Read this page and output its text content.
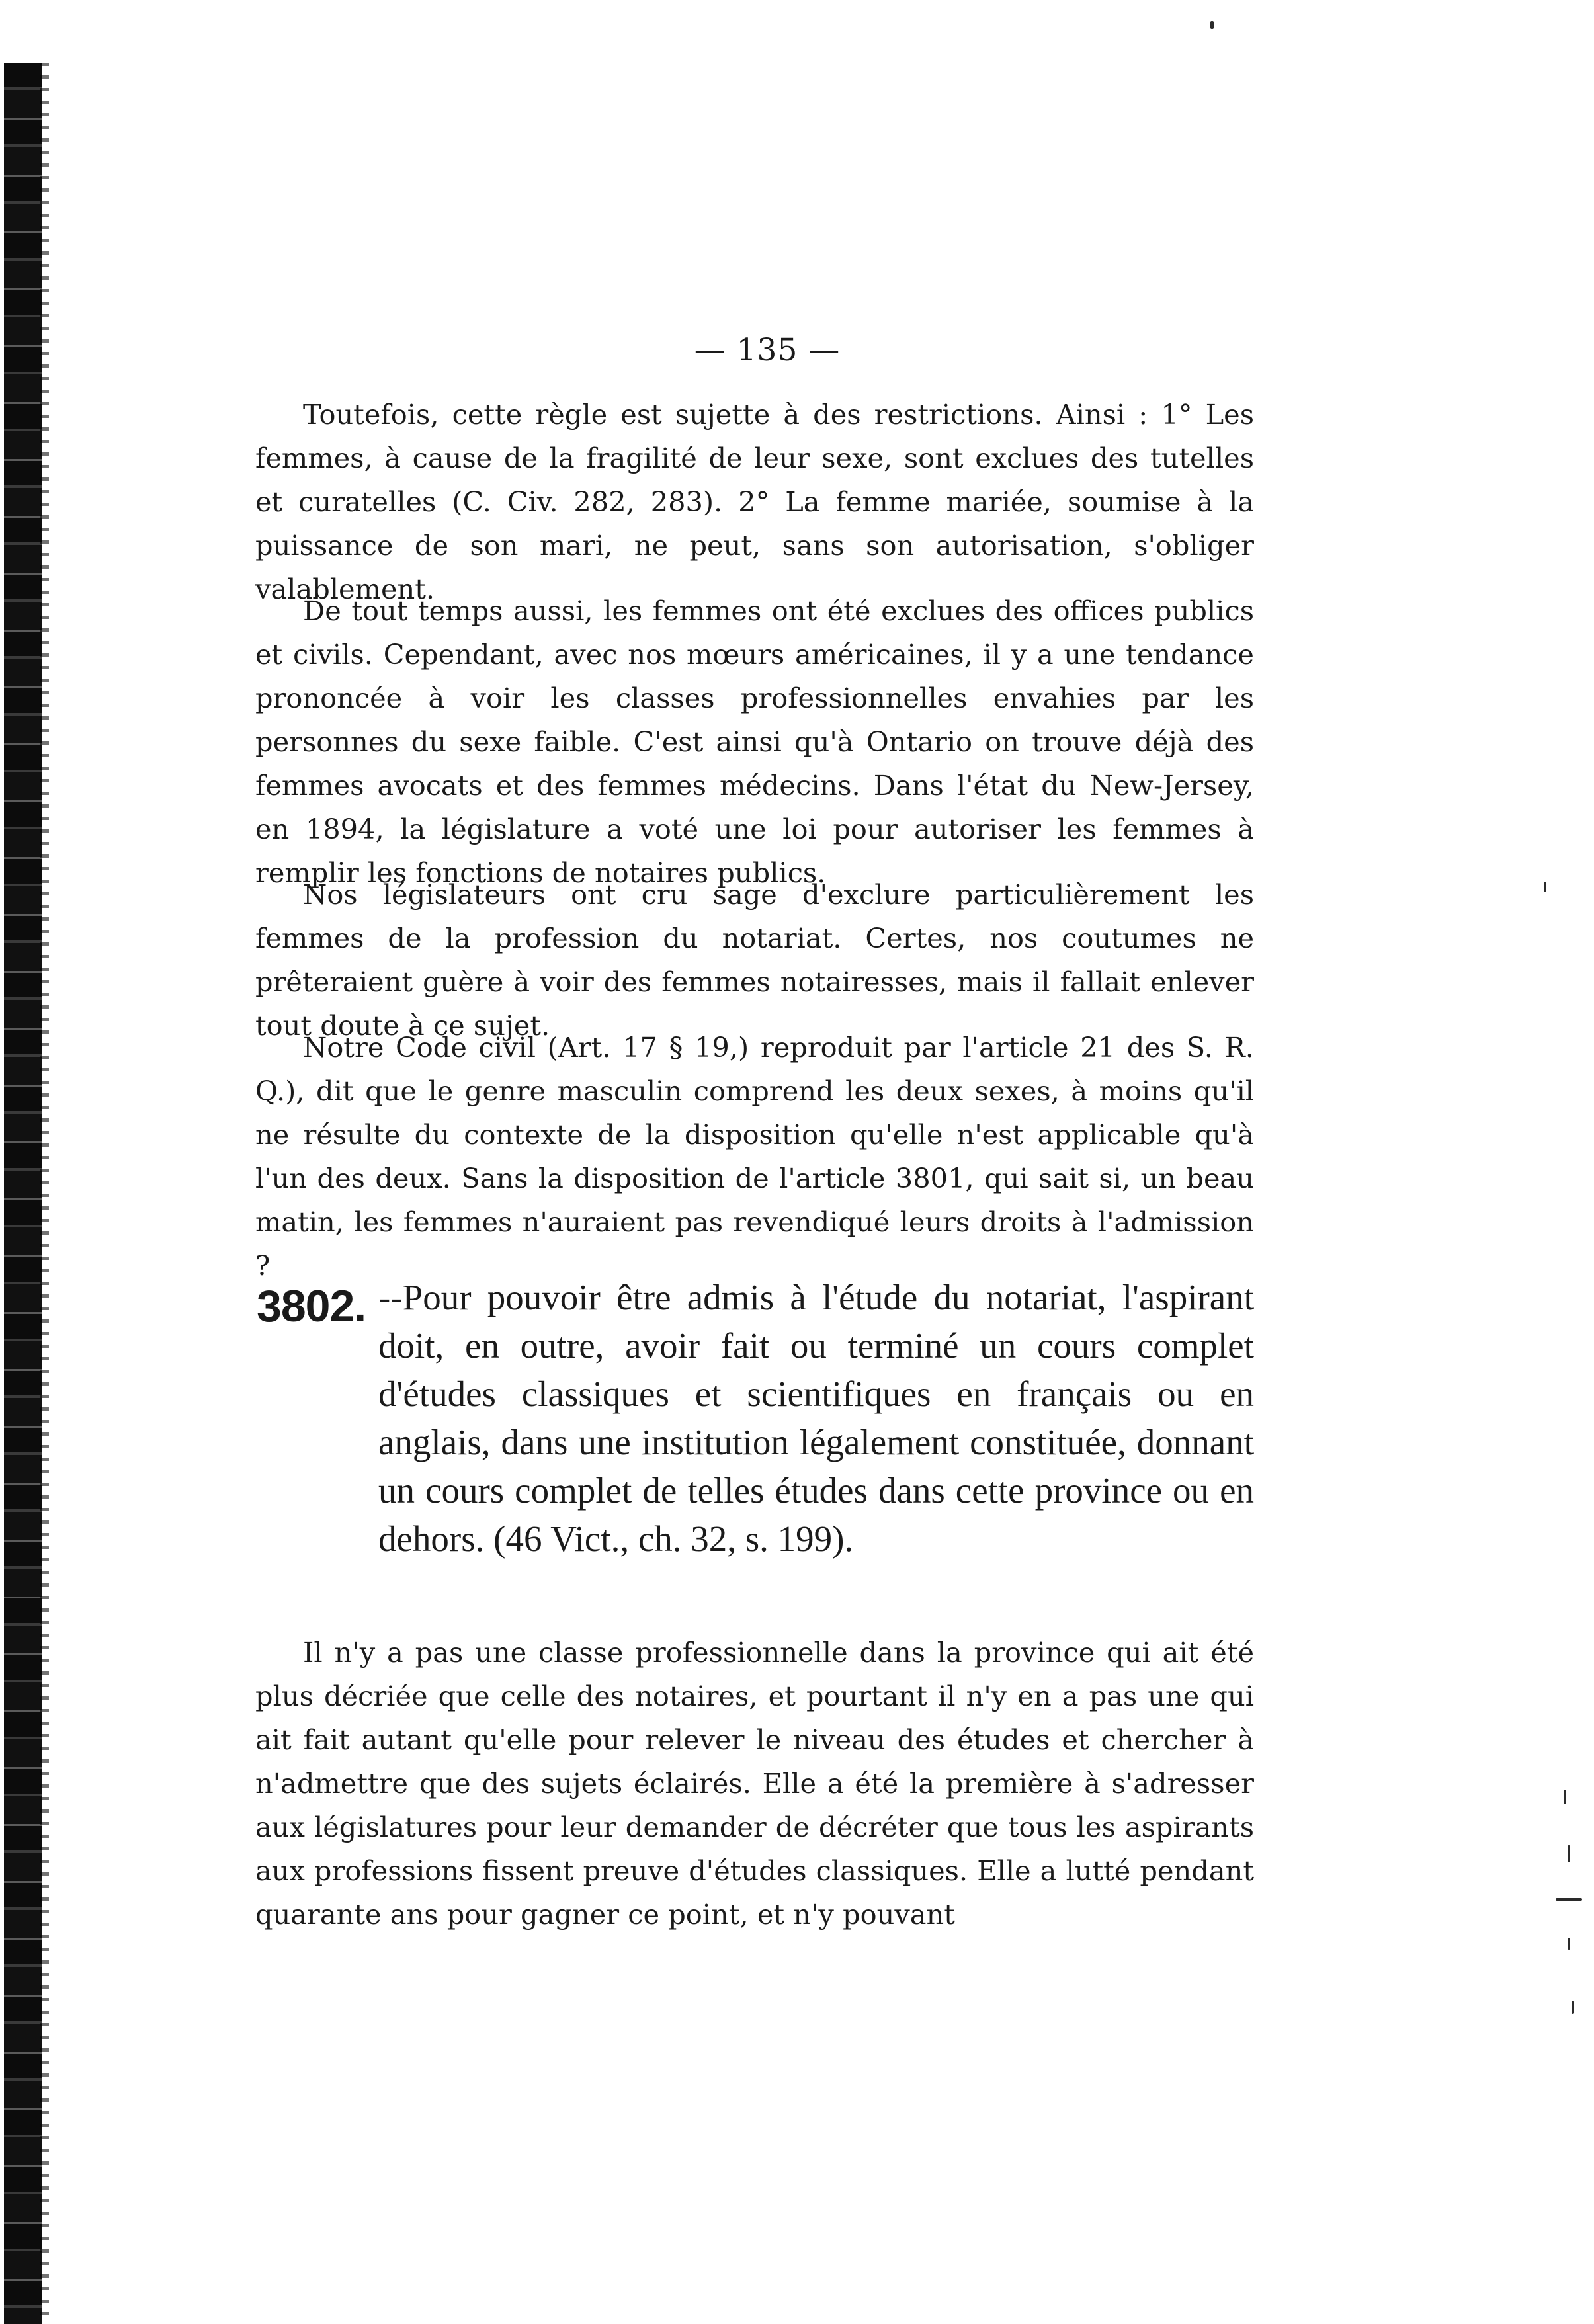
— 135 —

Toutefois, cette règle est sujette à des restrictions. Ainsi : 1° Les femmes, à cause de la fragilité de leur sexe, sont exclues des tutelles et curatelles (C. Civ. 282, 283). 2° La femme mariée, soumise à la puissance de son mari, ne peut, sans son autorisation, s'obliger valablement.

De tout temps aussi, les femmes ont été exclues des offices publics et civils. Cependant, avec nos mœurs américaines, il y a une tendance prononcée à voir les classes professionnelles envahies par les personnes du sexe faible. C'est ainsi qu'à Ontario on trouve déjà des femmes avocats et des femmes médecins. Dans l'état du New-Jersey, en 1894, la législature a voté une loi pour autoriser les femmes à remplir les fonctions de notaires publics.

Nos législateurs ont cru sage d'exclure particulièrement les femmes de la profession du notariat. Certes, nos coutumes ne prêteraient guère à voir des femmes notairesses, mais il fallait enlever tout doute à ce sujet.

Notre Code civil (Art. 17 § 19,) reproduit par l'article 21 des S. R. Q.), dit que le genre masculin comprend les deux sexes, à moins qu'il ne résulte du contexte de la disposition qu'elle n'est applicable qu'à l'un des deux. Sans la disposition de l'article 3801, qui sait si, un beau matin, les femmes n'auraient pas revendiqué leurs droits à l'admission ?

3802. --Pour pouvoir être admis à l'étude du notariat, l'aspirant doit, en outre, avoir fait ou terminé un cours complet d'études classiques et scientifiques en français ou en anglais, dans une institution légalement constituée, donnant un cours complet de telles études dans cette province ou en dehors. (46 Vict., ch. 32, s. 199).

Il n'y a pas une classe professionnelle dans la province qui ait été plus décriée que celle des notaires, et pourtant il n'y en a pas une qui ait fait autant qu'elle pour relever le niveau des études et chercher à n'admettre que des sujets éclairés. Elle a été la première à s'adresser aux législatures pour leur demander de décréter que tous les aspirants aux professions fissent preuve d'études classiques. Elle a lutté pendant quarante ans pour gagner ce point, et n'y pouvant
